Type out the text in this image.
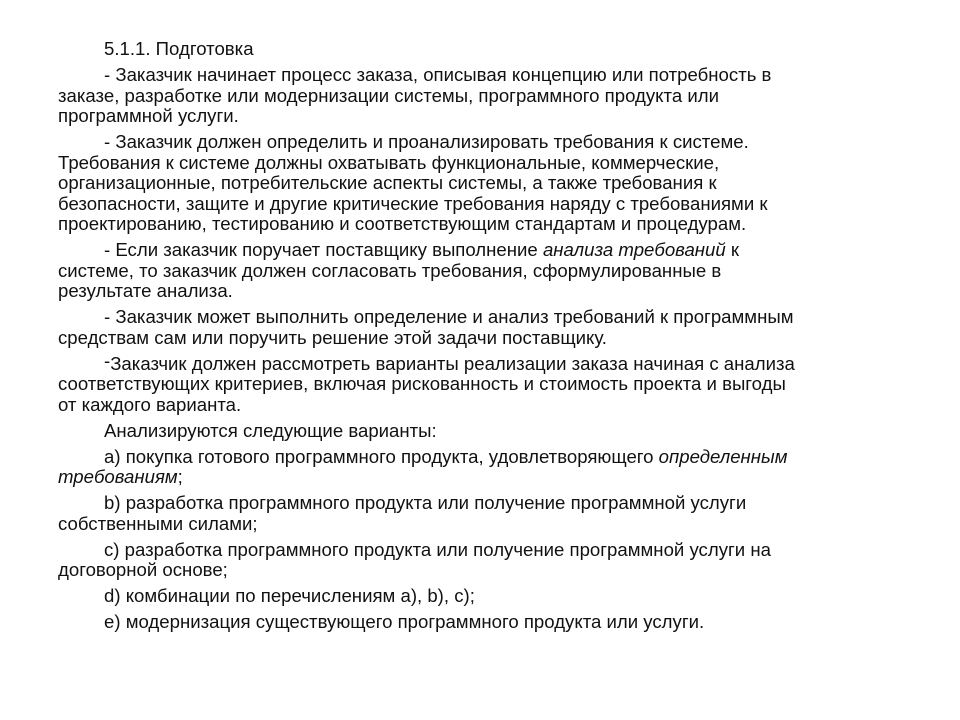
5.1.1. Подготовка
- Заказчик начинает процесс заказа, описывая концепцию или потребность в
заказе, разработке или модернизации системы, программного продукта или
программной услуги.
- Заказчик должен определить и проанализировать требования к системе.
Требования к системе должны охватывать функциональные, коммерческие,
организационные, потребительские аспекты системы, а также требования к
безопасности, защите и другие критические требования наряду с требованиями к
проектированию, тестированию и соответствующим стандартам и процедурам.
- Если заказчик поручает поставщику выполнение анализа требований к
системе, то заказчик должен согласовать требования, сформулированные в
результате анализа.
- Заказчик может выполнить определение и анализ требований к программным
средствам сам или поручить решение этой задачи поставщику.
-Заказчик должен рассмотреть варианты реализации заказа начиная с анализа
соответствующих критериев, включая рискованность и стоимость проекта и выгоды
от каждого варианта.
Анализируются следующие варианты:
a) покупка готового программного продукта, удовлетворяющего определенным
требованиям;
b) разработка программного продукта или получение программной услуги
собственными силами;
c) разработка программного продукта или получение программной услуги на
договорной основе;
d) комбинации по перечислениям a), b), c);
e) модернизация существующего программного продукта или услуги.
